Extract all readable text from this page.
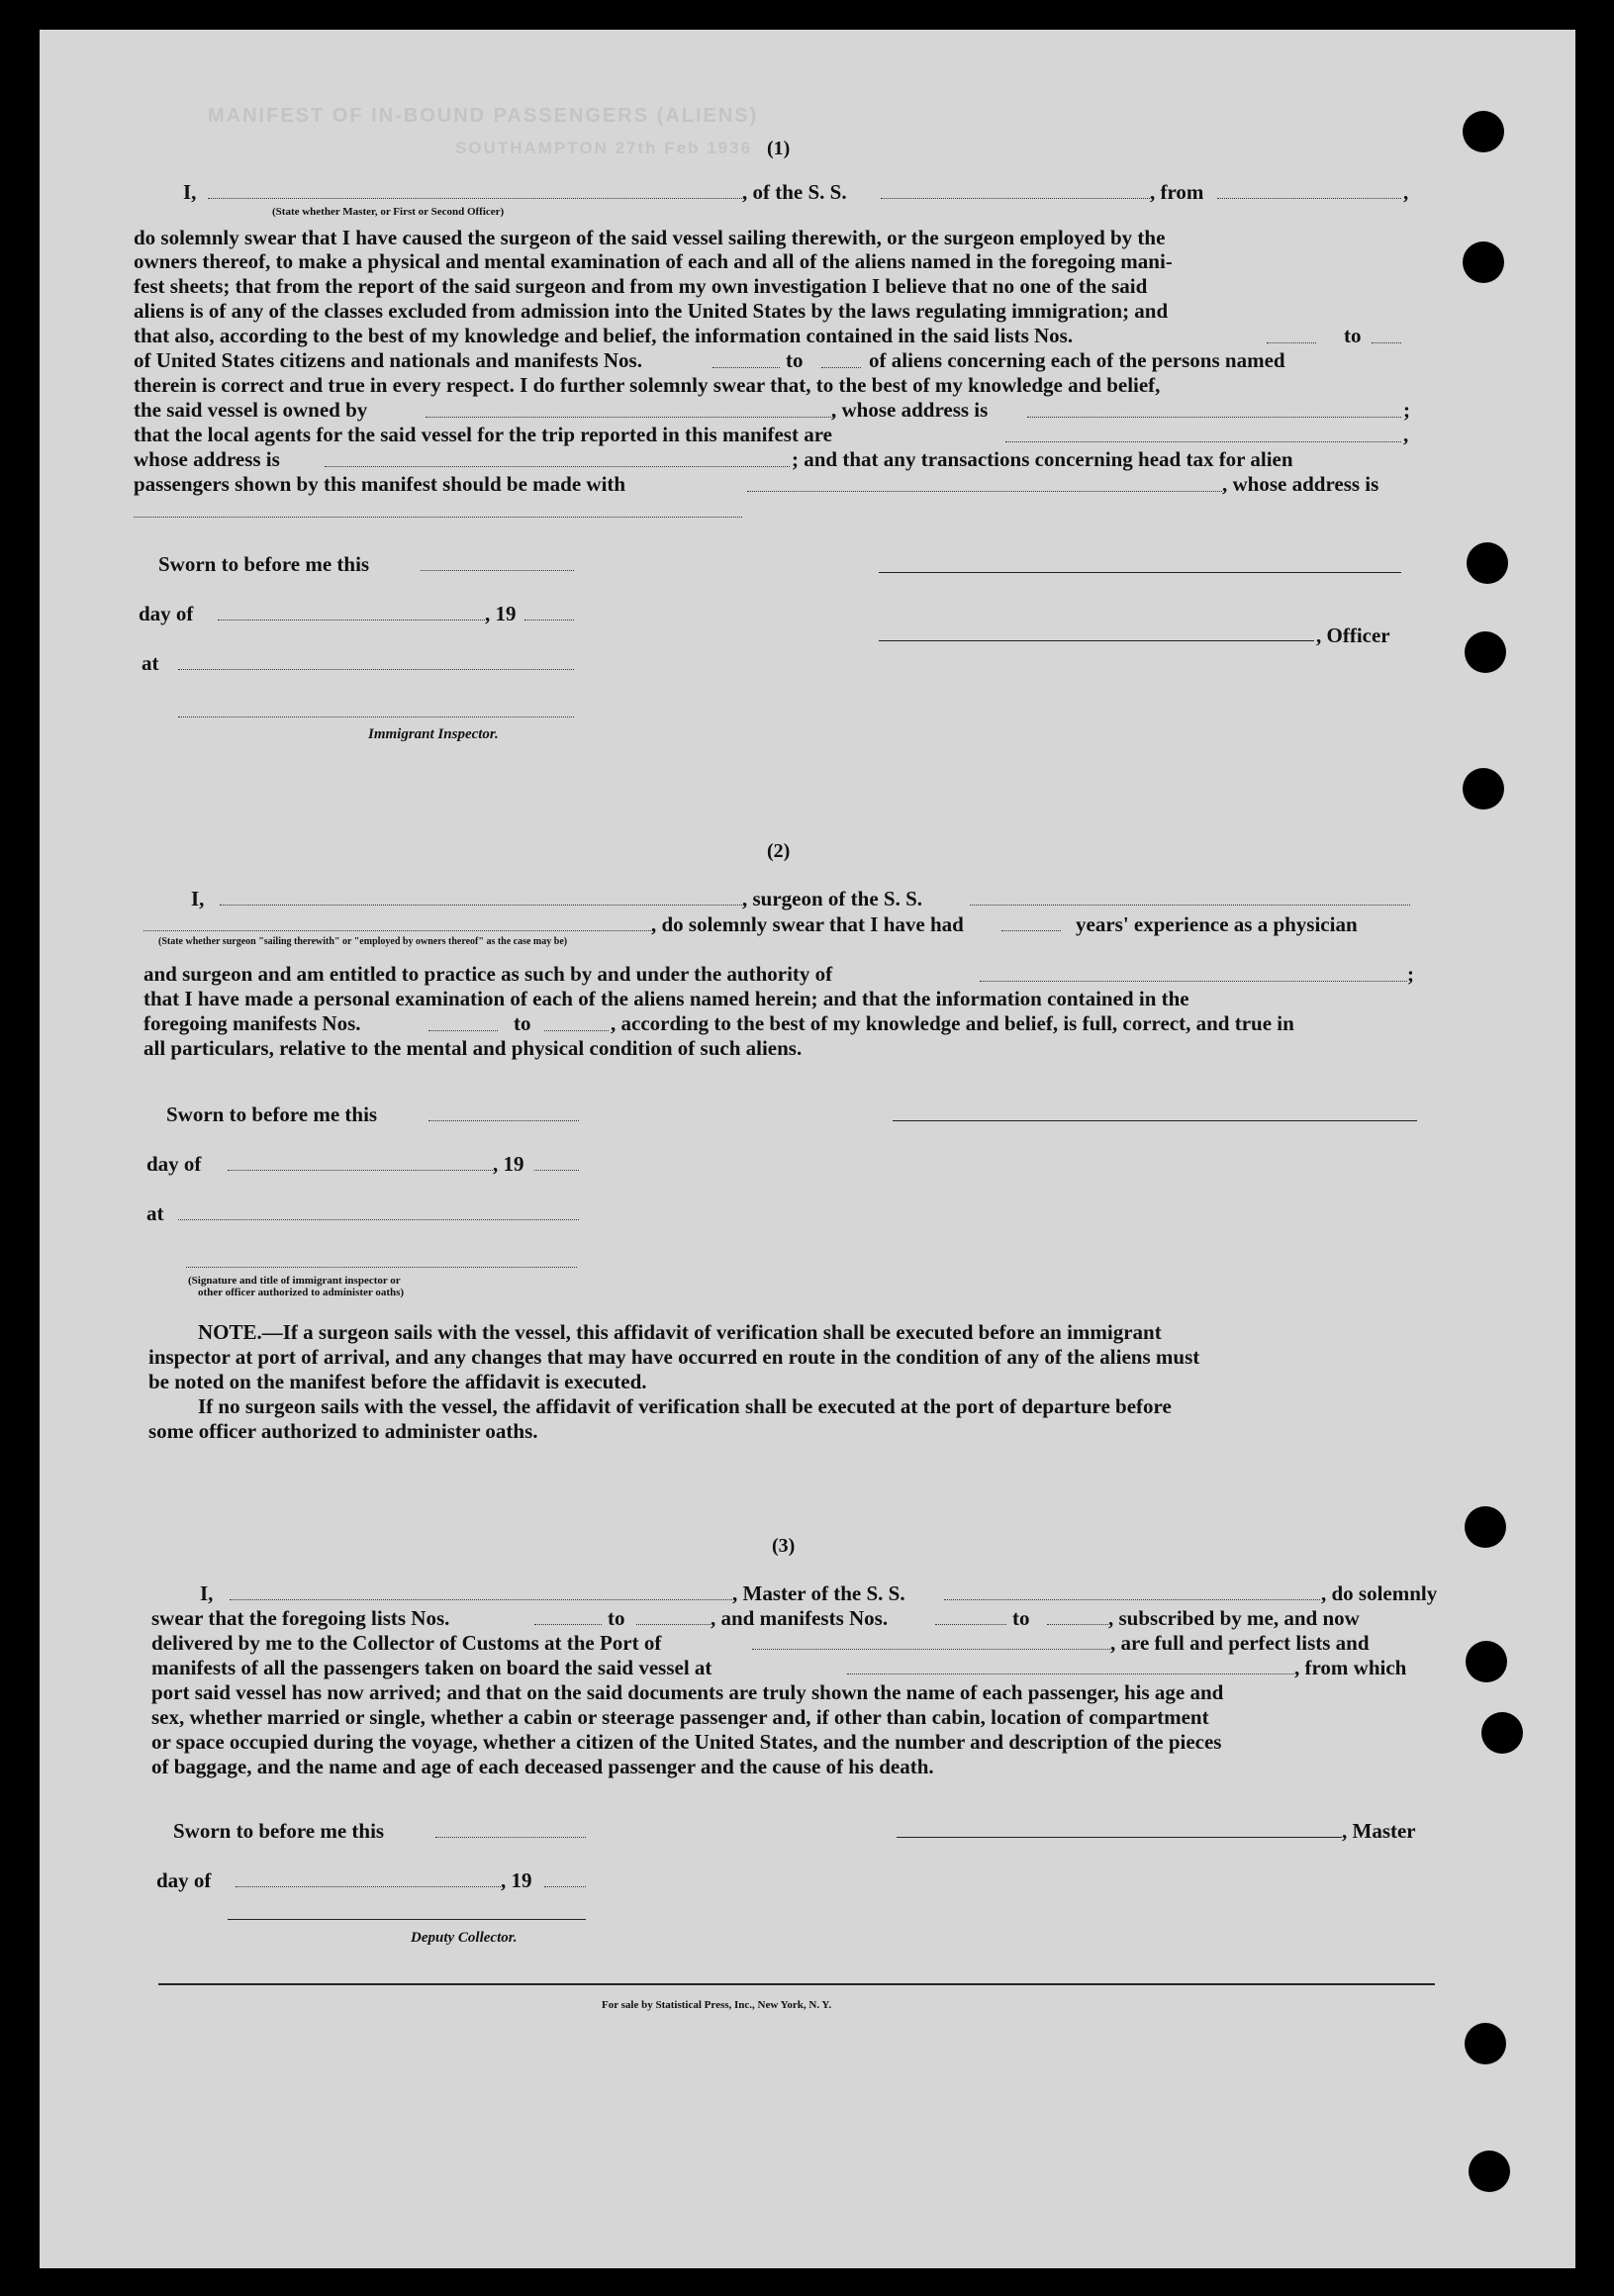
MANIFEST OF IN-BOUND PASSENGERS (ALIENS)
SOUTHAMPTON 27th Feb 1936 (1)
I,	, of the S. S.	, from	,
(State whether Master, or First or Second Officer)
do solemnly swear that I have caused the surgeon of the said vessel sailing therewith, or the surgeon employed by the
owners thereof, to make a physical and mental examination of each and all of the aliens named in the foregoing mani-
fest sheets; that from the report of the said surgeon and from my own investigation I believe that no one of the said
aliens is of any of the classes excluded from admission into the United States by the laws regulating immigration; and
that also, according to the best of my knowledge and belief, the information contained in the said lists Nos.	to
of United States citizens and nationals and manifests Nos.	to	of aliens concerning each of the persons named
therein is correct and true in every respect. I do further solemnly swear that, to the best of my knowledge and belief,
the said vessel is owned by	, whose address is	;
that the local agents for the said vessel for the trip reported in this manifest are	,
whose address is	; and that any transactions concerning head tax for alien
passengers shown by this manifest should be made with	, whose address is
Sworn to before me this
day of	, 19
, Officer
at
Immigrant Inspector.
(2)
I,	, surgeon of the S. S.
, do solemnly swear that I have had	years' experience as a physician
(State whether surgeon "sailing therewith" or "employed by owners thereof" as the case may be)
and surgeon and am entitled to practice as such by and under the authority of	;
that I have made a personal examination of each of the aliens named herein; and that the information contained in the
foregoing manifests Nos.	to	, according to the best of my knowledge and belief, is full, correct, and true in
all particulars, relative to the mental and physical condition of such aliens.
Sworn to before me this
day of	, 19
at
(Signature and title of immigrant inspector or
other officer authorized to administer oaths)
NOTE.—If a surgeon sails with the vessel, this affidavit of verification shall be executed before an immigrant
inspector at port of arrival, and any changes that may have occurred en route in the condition of any of the aliens must
be noted on the manifest before the affidavit is executed.
If no surgeon sails with the vessel, the affidavit of verification shall be executed at the port of departure before
some officer authorized to administer oaths.
(3)
I,	, Master of the S. S.	, do solemnly
swear that the foregoing lists Nos.	to	, and manifests Nos.	to	, subscribed by me, and now
delivered by me to the Collector of Customs at the Port of	, are full and perfect lists and
manifests of all the passengers taken on board the said vessel at	, from which
port said vessel has now arrived; and that on the said documents are truly shown the name of each passenger, his age and
sex, whether married or single, whether a cabin or steerage passenger and, if other than cabin, location of compartment
or space occupied during the voyage, whether a citizen of the United States, and the number and description of the pieces
of baggage, and the name and age of each deceased passenger and the cause of his death.
Sworn to before me this	, Master
day of	, 19
Deputy Collector.
For sale by Statistical Press, Inc., New York, N. Y.
